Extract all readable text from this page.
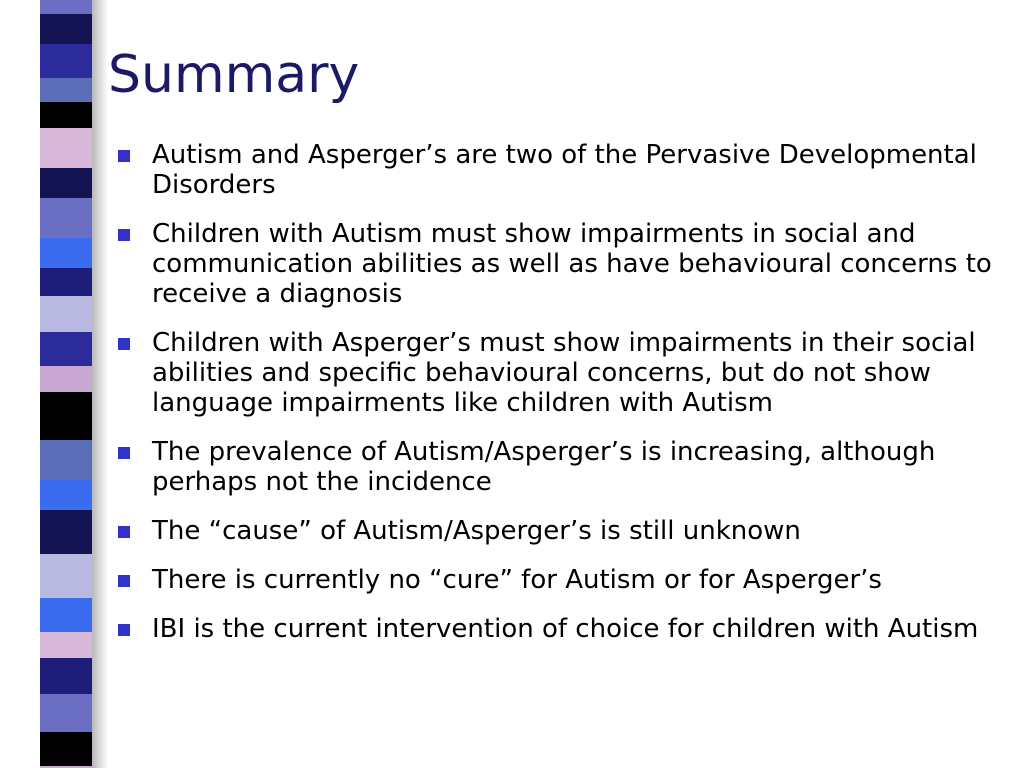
Summary
Autism and Asperger’s are two of the Pervasive Developmental Disorders
Children with Autism must show impairments in social and communication abilities as well as have behavioural concerns to receive a diagnosis
Children with Asperger’s must show impairments in their social abilities and specific behavioural concerns, but do not show language impairments like children with Autism
The prevalence of Autism/Asperger’s is increasing, although perhaps not the incidence
The “cause” of Autism/Asperger’s is still unknown
There is currently no “cure” for Autism or for Asperger’s
IBI is the current intervention of choice for children with Autism
